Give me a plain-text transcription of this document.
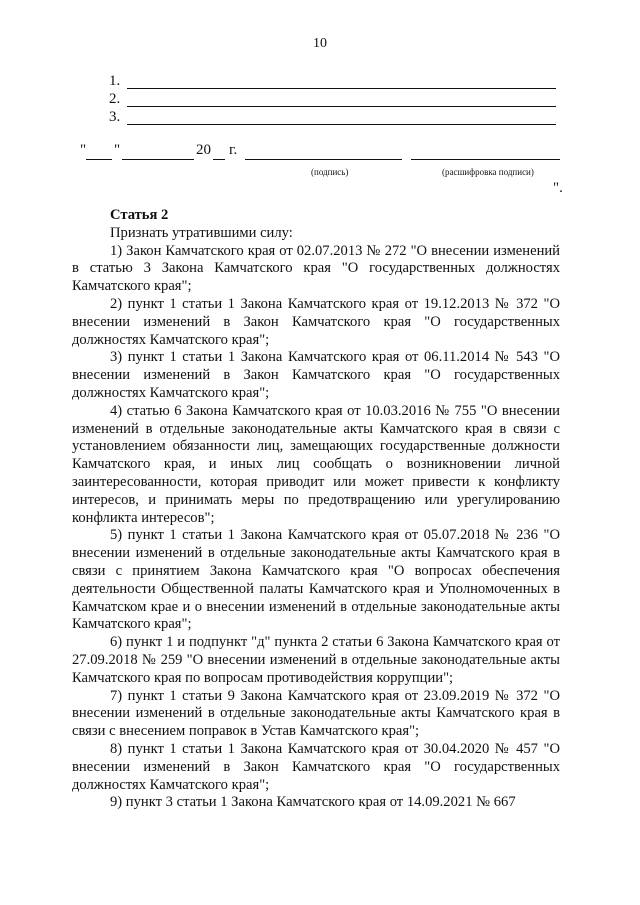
10
1.
2.
3.
" "	20 г.
(подпись)	(расшифровка подписи)
".
Статья 2
Признать утратившими силу:

1) Закон Камчатского края от 02.07.2013 № 272 "О внесении изменений в статью 3 Закона Камчатского края "О государственных должностях Камчатского края";

2) пункт 1 статьи 1 Закона Камчатского края от 19.12.2013 № 372 "О внесении изменений в Закон Камчатского края "О государственных должностях Камчатского края";

3) пункт 1 статьи 1 Закона Камчатского края от 06.11.2014 № 543 "О внесении изменений в Закон Камчатского края "О государственных должностях Камчатского края";

4) статью 6 Закона Камчатского края от 10.03.2016 № 755 "О внесении изменений в отдельные законодательные акты Камчатского края в связи с установлением обязанности лиц, замещающих государственные должности Камчатского края, и иных лиц сообщать о возникновении личной заинтересованности, которая приводит или может привести к конфликту интересов, и принимать меры по предотвращению или урегулированию конфликта интересов";

5) пункт 1 статьи 1 Закона Камчатского края от 05.07.2018 № 236 "О внесении изменений в отдельные законодательные акты Камчатского края в связи с принятием Закона Камчатского края "О вопросах обеспечения деятельности Общественной палаты Камчатского края и Уполномоченных в Камчатском крае и о внесении изменений в отдельные законодательные акты Камчатского края";

6) пункт 1 и подпункт "д" пункта 2 статьи 6 Закона Камчатского края от 27.09.2018 № 259 "О внесении изменений в отдельные законодательные акты Камчатского края по вопросам противодействия коррупции";

7) пункт 1 статьи 9 Закона Камчатского края от 23.09.2019 № 372 "О внесении изменений в отдельные законодательные акты Камчатского края в связи с внесением поправок в Устав Камчатского края";

8) пункт 1 статьи 1 Закона Камчатского края от 30.04.2020 № 457 "О внесении изменений в Закон Камчатского края "О государственных должностях Камчатского края";

9) пункт 3 статьи 1 Закона Камчатского края от 14.09.2021 № 667
